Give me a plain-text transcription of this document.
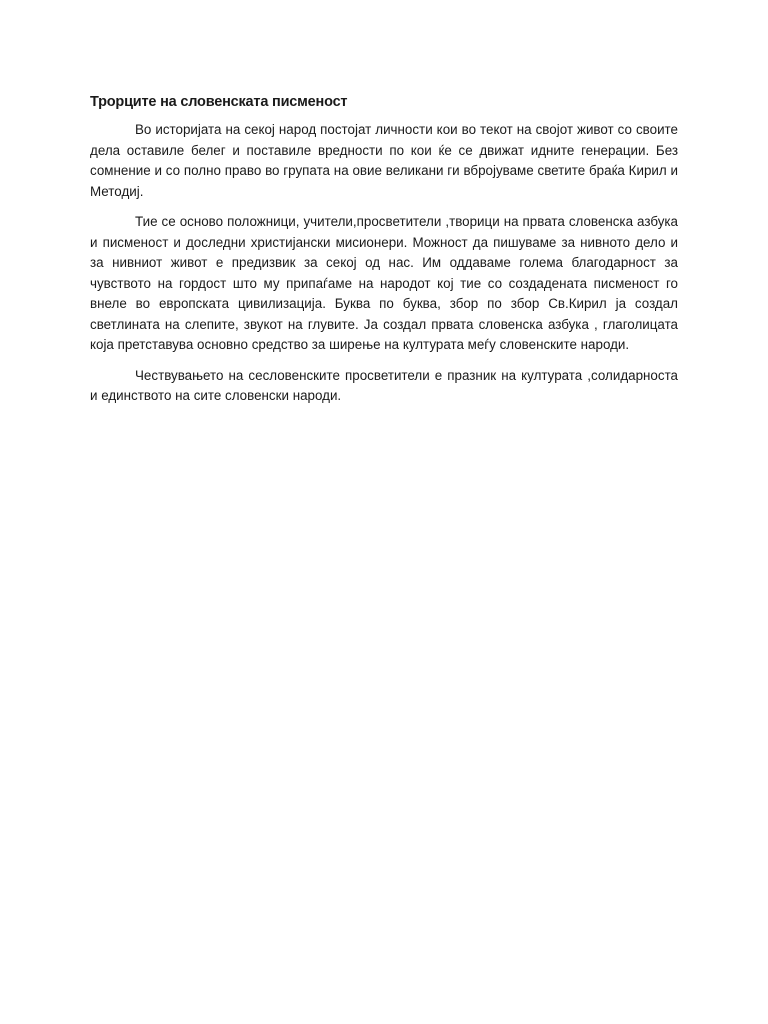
Трорците на словенската писменост

Во историјата на секој народ постојат личности кои во текот на својот живот со своите дела оставиле белег и поставиле вредности по кои ќе се движат идните генерации. Без сомнение и со полно право во групата на овие великани ги вбројуваме светите браќа Кирил и Методиј.

Тие се осново положници, учители,просветители ,творици на првата словенска азбука и писменост и доследни христијански мисионери. Можност да пишуваме за нивното дело и за нивниот живот е предизвик за секој од нас. Им оддаваме голема благодарност за чувството на гордост што му припаѓаме на народот кој тие со создадената писменост го внеле во европската цивилизација. Буква по буква, збор по збор Св.Кирил ја создал светлината на слепите, звукот на глувите. Ја создал првата словенска азбука , глаголицата која претставува основно средство за ширење на културата меѓу словенските народи.

Чествувањето на сесловенските просветители е празник на културата ,солидарноста и единството на сите словенски народи.
